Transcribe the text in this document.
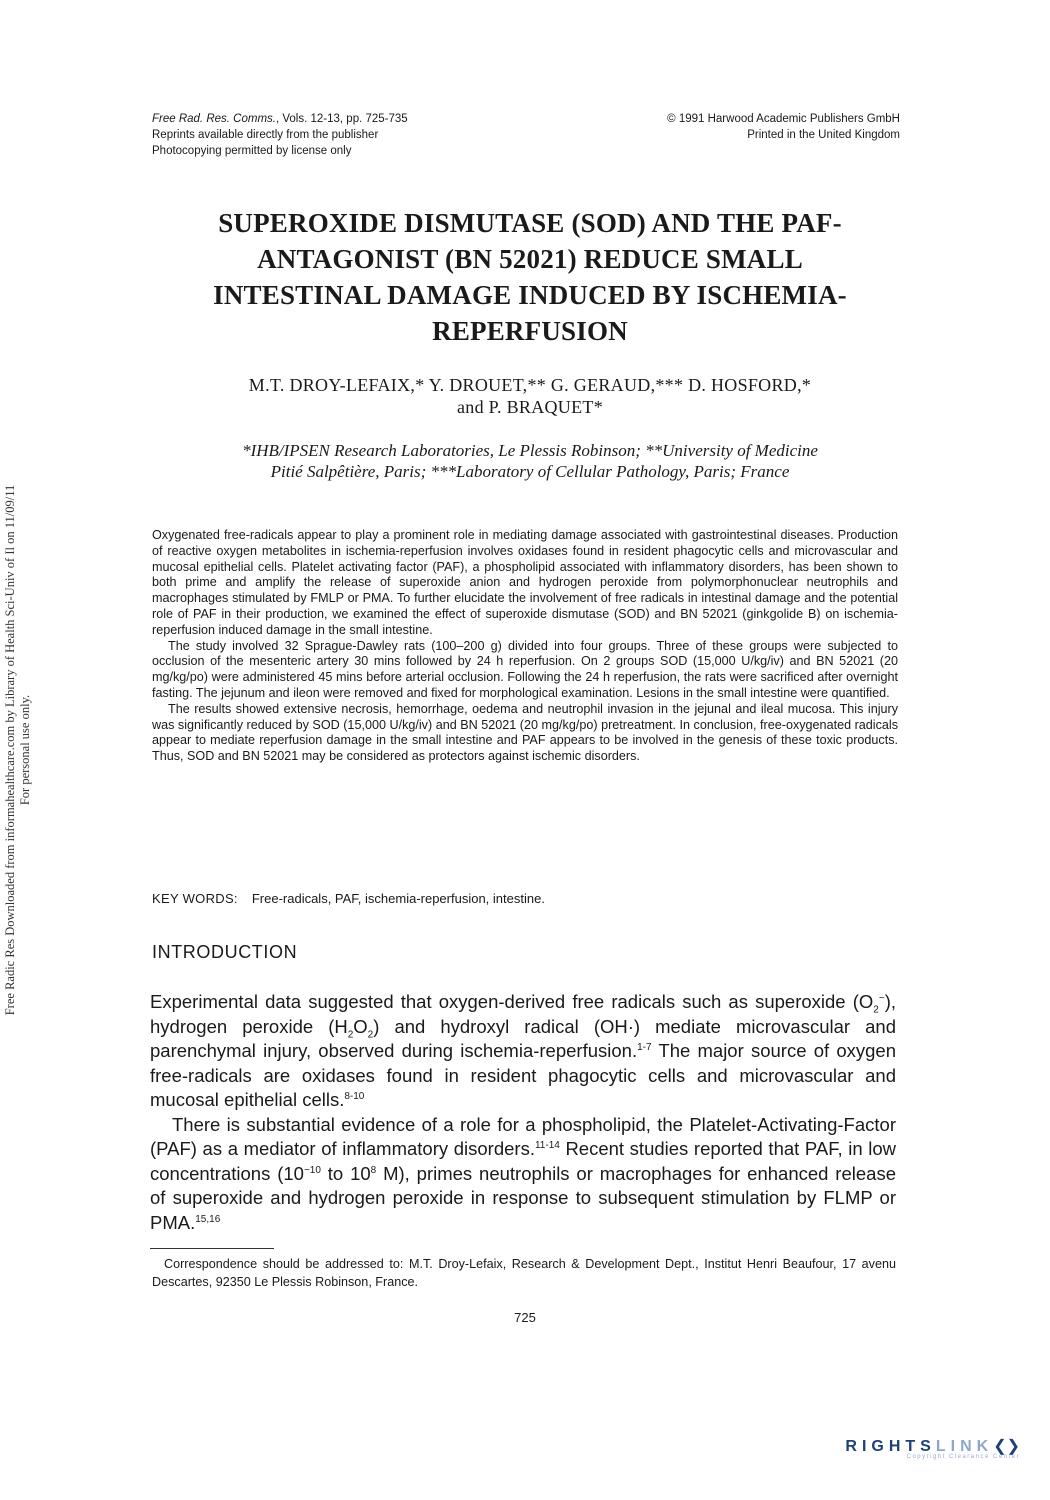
Free Rad. Res. Comms., Vols. 12-13, pp. 725-735
Reprints available directly from the publisher
Photocopying permitted by license only
© 1991 Harwood Academic Publishers GmbH
Printed in the United Kingdom
SUPEROXIDE DISMUTASE (SOD) AND THE PAF-
ANTAGONIST (BN 52021) REDUCE SMALL
INTESTINAL DAMAGE INDUCED BY ISCHEMIA-
REPERFUSION
M.T. DROY-LEFAIX,* Y. DROUET,** G. GERAUD,*** D. HOSFORD,*
and P. BRAQUET*
*IHB/IPSEN Research Laboratories, Le Plessis Robinson; **University of Medicine
Pitié Salpêtière, Paris; ***Laboratory of Cellular Pathology, Paris; France

Oxygenated free-radicals appear to play a prominent role in mediating damage associated with gastrointestinal diseases. Production of reactive oxygen metabolites in ischemia-reperfusion involves oxidases found in resident phagocytic cells and microvascular and mucosal epithelial cells. Platelet activating factor (PAF), a phospholipid associated with inflammatory disorders, has been shown to both prime and amplify the release of superoxide anion and hydrogen peroxide from polymorphonuclear neutrophils and macrophages stimulated by FMLP or PMA. To further elucidate the involvement of free radicals in intestinal damage and the potential role of PAF in their production, we examined the effect of superoxide dismutase (SOD) and BN 52021 (ginkgolide B) on ischemia-reperfusion induced damage in the small intestine.

The study involved 32 Sprague-Dawley rats (100–200 g) divided into four groups. Three of these groups were subjected to occlusion of the mesenteric artery 30 mins followed by 24 h reperfusion. On 2 groups SOD (15,000 U/kg/iv) and BN 52021 (20 mg/kg/po) were administered 45 mins before arterial occlusion. Following the 24 h reperfusion, the rats were sacrificed after overnight fasting. The jejunum and ileon were removed and fixed for morphological examination. Lesions in the small intestine were quantified.

The results showed extensive necrosis, hemorrhage, oedema and neutrophil invasion in the jejunal and ileal mucosa. This injury was significantly reduced by SOD (15,000 U/kg/iv) and BN 52021 (20 mg/kg/po) pretreatment. In conclusion, free-oxygenated radicals appear to mediate reperfusion damage in the small intestine and PAF appears to be involved in the genesis of these toxic products. Thus, SOD and BN 52021 may be considered as protectors against ischemic disorders.

KEY WORDS: Free-radicals, PAF, ischemia-reperfusion, intestine.
INTRODUCTION

Experimental data suggested that oxygen-derived free radicals such as superoxide $(O_2^-)$, hydrogen peroxide $(H_2O_2)$ and hydroxyl radical (OH·) mediate microvascular and parenchymal injury, observed during ischemia-reperfusion.$^{1-7}$ The major source of oxygen free-radicals are oxidases found in resident phagocytic cells and microvascular and mucosal epithelial cells.$^{8-10}$

There is substantial evidence of a role for a phospholipid, the Platelet-Activating-Factor (PAF) as a mediator of inflammatory disorders.$^{11-14}$ Recent studies reported that PAF, in low concentrations ($10^{-10}$ to $10^8$ M), primes neutrophils or macrophages for enhanced release of superoxide and hydrogen peroxide in response to subsequent stimulation by FLMP or PMA.$^{15,16}$

Correspondence should be addressed to: M.T. Droy-Lefaix, Research & Development Dept., Institut Henri Beaufour, 17 avenu Descartes, 92350 Le Plessis Robinson, France.
725
Free Radic Res Downloaded from informahealthcare.com by Library of Health Sci-Univ of Il on 11/09/11 For personal use only.
RIGHTSLINK❮❯
Copyright Clearance Center
